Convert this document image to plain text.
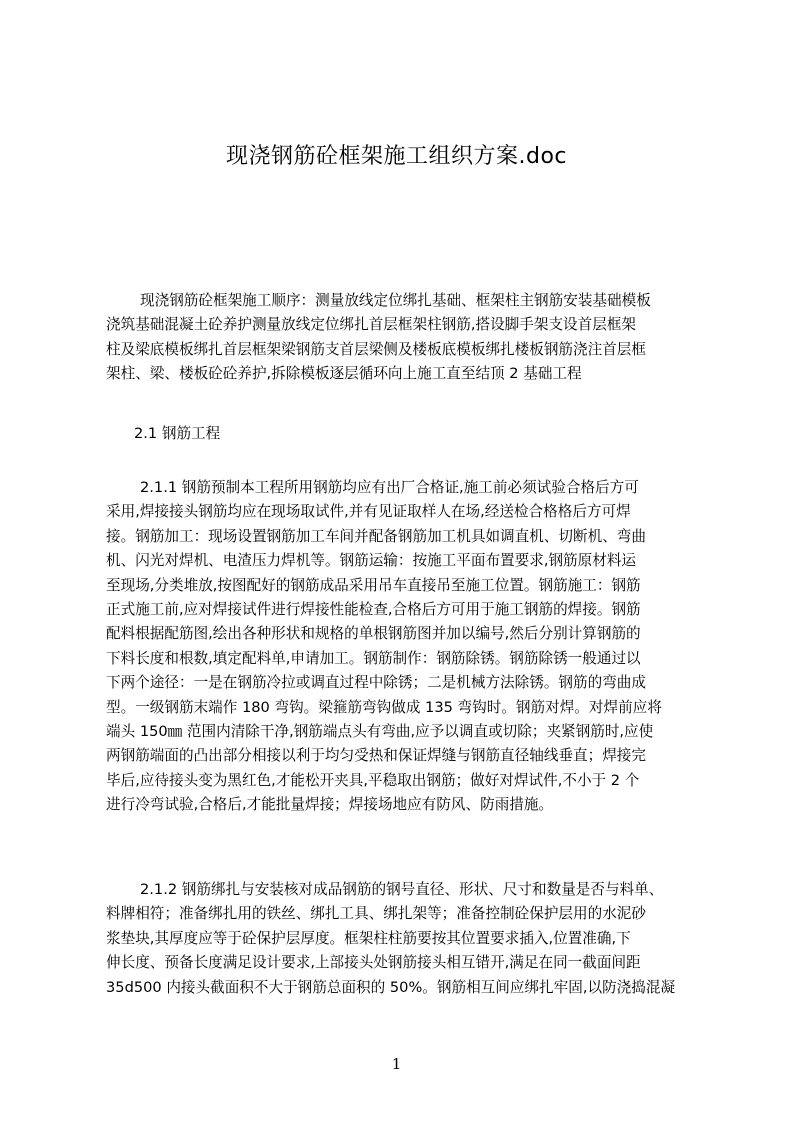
现浇钢筋砼框架施工组织方案.doc
现浇钢筋砼框架施工顺序：测量放线定位绑扎基础、框架柱主钢筋安装基础模板
浇筑基础混凝土砼养护测量放线定位绑扎首层框架柱钢筋,搭设脚手架支设首层框架
柱及梁底模板绑扎首层框架梁钢筋支首层梁侧及楼板底模板绑扎楼板钢筋浇注首层框
架柱、梁、楼板砼砼养护,拆除模板逐层循环向上施工直至结顶 2 基础工程
2.1 钢筋工程
2.1.1 钢筋预制本工程所用钢筋均应有出厂合格证,施工前必须试验合格后方可
采用,焊接接头钢筋均应在现场取试件,并有见证取样人在场,经送检合格格后方可焊
接。钢筋加工：现场设置钢筋加工车间并配备钢筋加工机具如调直机、切断机、弯曲
机、闪光对焊机、电渣压力焊机等。钢筋运输：按施工平面布置要求,钢筋原材料运
至现场,分类堆放,按图配好的钢筋成品采用吊车直接吊至施工位置。钢筋施工：钢筋
正式施工前,应对焊接试件进行焊接性能检查,合格后方可用于施工钢筋的焊接。钢筋
配料根据配筋图,绘出各种形状和规格的单根钢筋图并加以编号,然后分别计算钢筋的
下料长度和根数,填定配料单,申请加工。钢筋制作：钢筋除锈。钢筋除锈一般通过以
下两个途径：一是在钢筋冷拉或调直过程中除锈；二是机械方法除锈。钢筋的弯曲成
型。一级钢筋末端作 180 弯钩。梁箍筋弯钩做成 135 弯钩时。钢筋对焊。对焊前应将
端头 150㎜ 范围内清除干净,钢筋端点头有弯曲,应予以调直或切除；夹紧钢筋时,应使
两钢筋端面的凸出部分相接以利于均匀受热和保证焊缝与钢筋直径轴线垂直；焊接完
毕后,应待接头变为黑红色,才能松开夹具,平稳取出钢筋；做好对焊试件,不小于 2 个
进行冷弯试验,合格后,才能批量焊接；焊接场地应有防风、防雨措施。
2.1.2 钢筋绑扎与安装核对成品钢筋的钢号直径、形状、尺寸和数量是否与料单、
料牌相符；准备绑扎用的铁丝、绑扎工具、绑扎架等；准备控制砼保护层用的水泥砂
浆垫块,其厚度应等于砼保护层厚度。框架柱柱筋要按其位置要求插入,位置准确,下
伸长度、预备长度满足设计要求,上部接头处钢筋接头相互错开,满足在同一截面间距
35d500 内接头截面积不大于钢筋总面积的 50%。钢筋相互间应绑扎牢固,以防浇捣混凝
1
